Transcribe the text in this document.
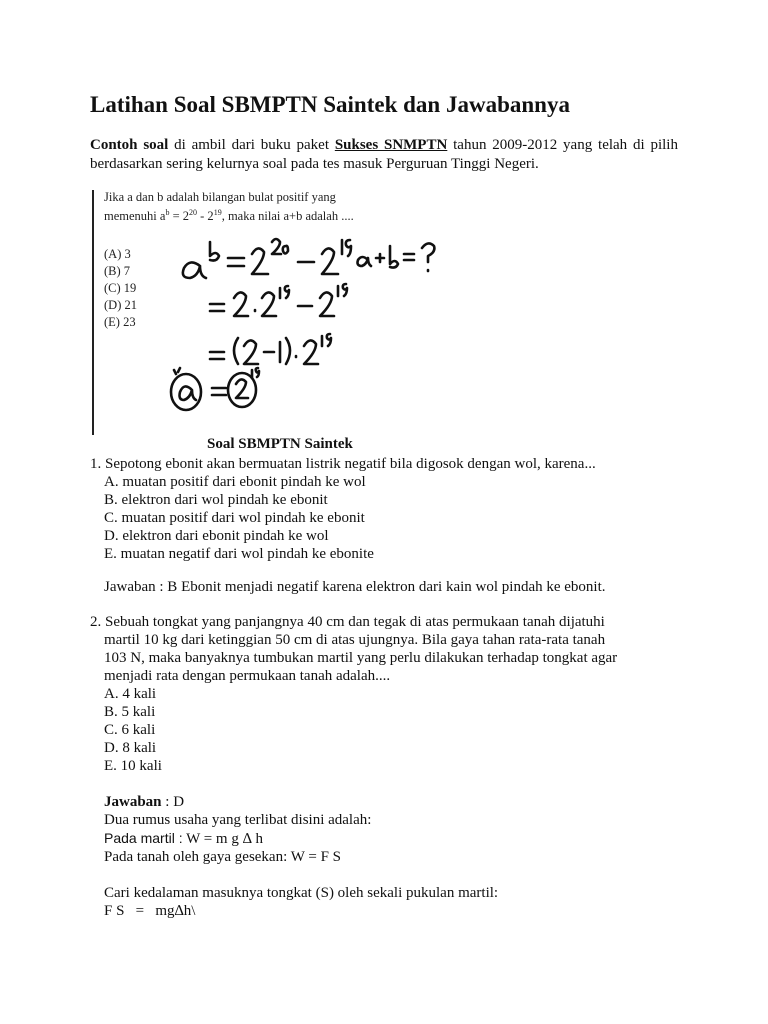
Latihan Soal SBMPTN Saintek dan Jawabannya

Contoh soal di ambil dari buku paket Sukses SNMPTN tahun 2009-2012 yang telah di pilih berdasarkan sering kelurnya soal pada tes masuk Perguruan Tinggi Negeri.

Jika a dan b adalah bilangan bulat positif yang memenuhi $a^b = 2^{20} - 2^{19}$, maka nilai a+b adalah ....
(A) 3
(B) 7
(C) 19
(D) 21
(E) 23
Soal SBMPTN Saintek
1. Sepotong ebonit akan bermuatan listrik negatif bila digosok dengan wol, karena...
A. muatan positif dari ebonit pindah ke wol
B. elektron dari wol pindah ke ebonit
C. muatan positif dari wol pindah ke ebonit
D. elektron dari ebonit pindah ke wol
E. muatan negatif dari wol pindah ke ebonite
Jawaban : B Ebonit menjadi negatif karena elektron dari kain wol pindah ke ebonit.
2. Sebuah tongkat yang panjangnya 40 cm dan tegak di atas permukaan tanah dijatuhi
martil 10 kg dari ketinggian 50 cm di atas ujungnya. Bila gaya tahan rata-rata tanah
103 N, maka banyaknya tumbukan martil yang perlu dilakukan terhadap tongkat agar
menjadi rata dengan permukaan tanah adalah....
A. 4 kali
B. 5 kali
C. 6 kali
D. 8 kali
E. 10 kali
Jawaban : D
Dua rumus usaha yang terlibat disini adalah:
Pada martil : W = m g ∆ h
Pada tanah oleh gaya gesekan: W = F S
Cari kedalaman masuknya tongkat (S) oleh sekali pukulan martil:
F S   =   mg∆h\
